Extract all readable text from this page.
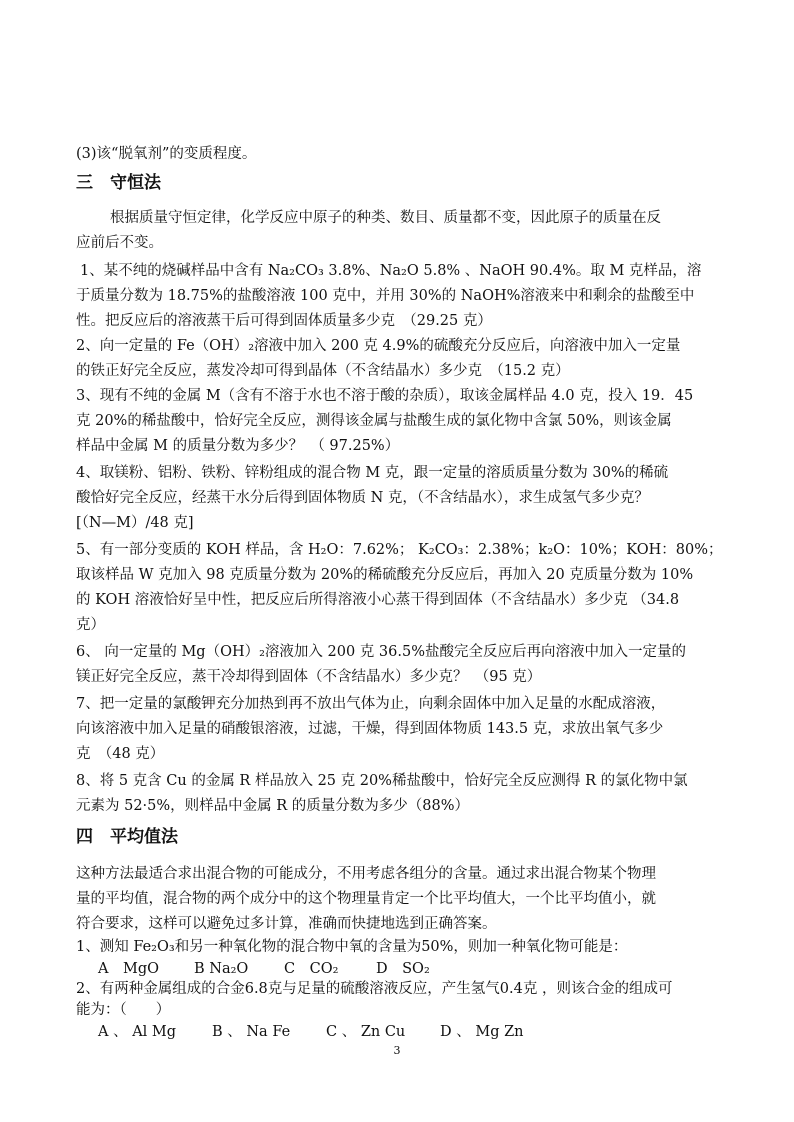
(3)该“脱氧剂”的变质程度。
三　守恒法
根据质量守恒定律，化学反应中原子的种类、数目、质量都不变，因此原子的质量在反
应前后不变。
1、某不纯的烧碱样品中含有 Na₂CO₃ 3.8%、Na₂O 5.8% 、NaOH 90.4%。取 M 克样品，溶
于质量分数为 18.75%的盐酸溶液 100 克中，并用 30%的 NaOH%溶液来中和剩余的盐酸至中
性。把反应后的溶液蒸干后可得到固体质量多少克　（29.25 克）
2、向一定量的 Fe（OH）₂溶液中加入 200 克 4.9%的硫酸充分反应后，向溶液中加入一定量
的铁正好完全反应，蒸发冷却可得到晶体（不含结晶水）多少克　（15.2 克）
3、现有不纯的金属 M（含有不溶于水也不溶于酸的杂质），取该金属样品 4.0 克，投入 19．45
克 20%的稀盐酸中，恰好完全反应，测得该金属与盐酸生成的氯化物中含氯 50%，则该金属
样品中金属 M 的质量分数为多少？　（ 97.25%）
4、取镁粉、铝粉、铁粉、锌粉组成的混合物 M 克，跟一定量的溶质质量分数为 30%的稀硫
酸恰好完全反应，经蒸干水分后得到固体物质 N 克，（不含结晶水），求生成氢气多少克？
[（N—M）/48 克]
5、有一部分变质的 KOH 样品，含 H₂O：7.62%； K₂CO₃：2.38%；k₂O：10%；KOH：80%；
取该样品 W 克加入 98 克质量分数为 20%的稀硫酸充分反应后，再加入 20 克质量分数为 10%
的 KOH 溶液恰好呈中性，把反应后所得溶液小心蒸干得到固体（不含结晶水）多少克 （34.8
克）
6、 向一定量的 Mg（OH）₂溶液加入 200 克 36.5%盐酸完全反应后再向溶液中加入一定量的
镁正好完全反应，蒸干冷却得到固体（不含结晶水）多少克？　（95 克）
7、把一定量的氯酸钾充分加热到再不放出气体为止，向剩余固体中加入足量的水配成溶液，
向该溶液中加入足量的硝酸银溶液，过滤，干燥，得到固体物质 143.5 克，求放出氧气多少
克　（48 克）
8、将 5 克含 Cu 的金属 R 样品放入 25 克 20%稀盐酸中，恰好完全反应测得 R 的氯化物中氯
元素为 52·5%，则样品中金属 R 的质量分数为多少（88%）
四　平均值法
这种方法最适合求出混合物的可能成分，不用考虑各组分的含量。通过求出混合物某个物理
量的平均值，混合物的两个成分中的这个物理量肯定一个比平均值大，一个比平均值小，就
符合要求，这样可以避免过多计算，准确而快捷地选到正确答案。
1、测知 Fe₂O₃和另一种氧化物的混合物中氧的含量为50%，则加一种氧化物可能是：
A　MgO B Na₂O C　CO₂	D　SO₂
2、有两种金属组成的合金6.8克与足量的硫酸溶液反应，产生氢气0.4克 ，则该合金的组成可
能为：（　　）
A 、 Al Mg B 、 Na Fe C 、 Zn Cu D 、 Mg Zn
3
